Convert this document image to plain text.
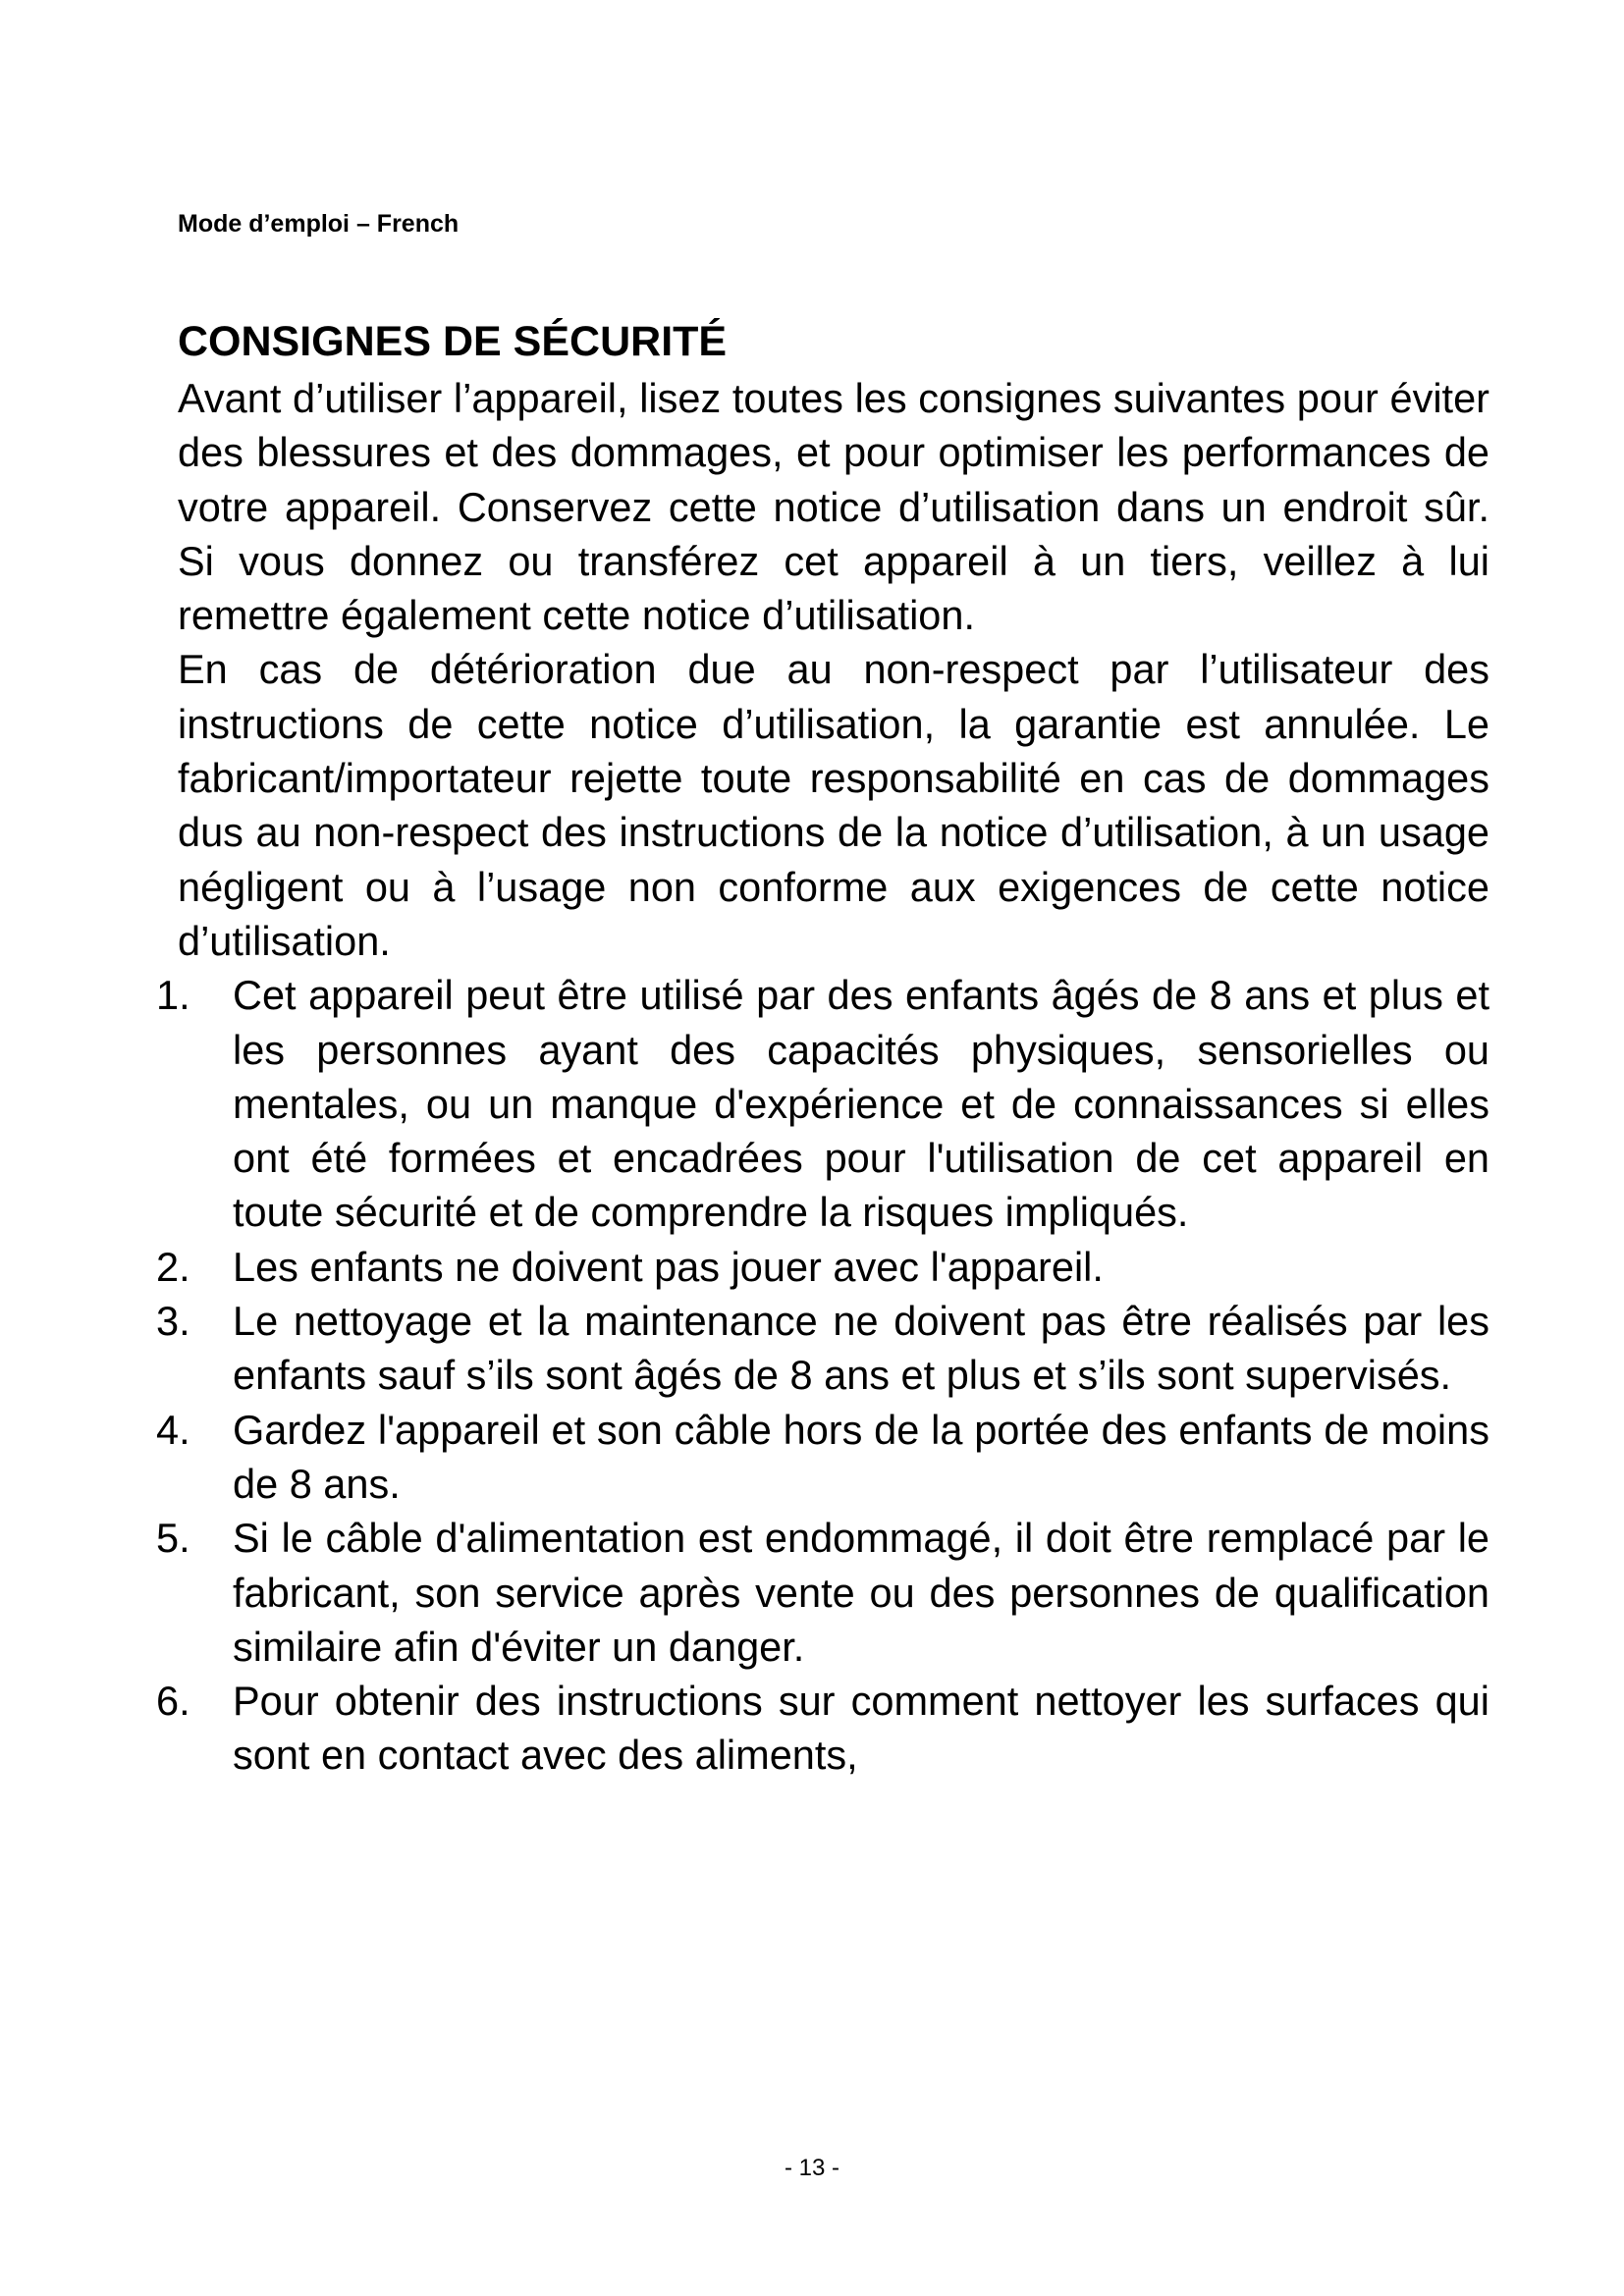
Mode d’emploi – French
CONSIGNES DE SÉCURITÉ

Avant d’utiliser l’appareil, lisez toutes les consignes suivantes pour éviter des blessures et des dommages, et pour optimiser les performances de votre appareil. Conservez cette notice d’utilisation dans un endroit sûr. Si vous donnez ou transférez cet appareil à un tiers, veillez à lui remettre également cette notice d’utilisation.

En cas de détérioration due au non-respect par l’utilisateur des instructions de cette notice d’utilisation, la garantie est annulée. Le fabricant/importateur rejette toute responsabilité en cas de dommages dus au non-respect des instructions de la notice d’utilisation, à un usage négligent ou à l’usage non conforme aux exigences de cette notice d’utilisation.

1. Cet appareil peut être utilisé par des enfants âgés de 8 ans et plus et les personnes ayant des capacités physiques, sensorielles ou mentales, ou un manque d'expérience et de connaissances si elles ont été formées et encadrées pour l'utilisation de cet appareil en toute sécurité et de comprendre la risques impliqués.
2. Les enfants ne doivent pas jouer avec l'appareil.
3. Le nettoyage et la maintenance ne doivent pas être réalisés par les enfants sauf s’ils sont âgés de 8 ans et plus et s’ils sont supervisés.
4. Gardez l'appareil et son câble hors de la portée des enfants de moins de 8 ans.
5. Si le câble d'alimentation est endommagé, il doit être remplacé par le fabricant, son service après vente ou des personnes de qualification similaire afin d'éviter un danger.
6. Pour obtenir des instructions sur comment nettoyer les surfaces qui sont en contact avec des aliments,
- 13 -
